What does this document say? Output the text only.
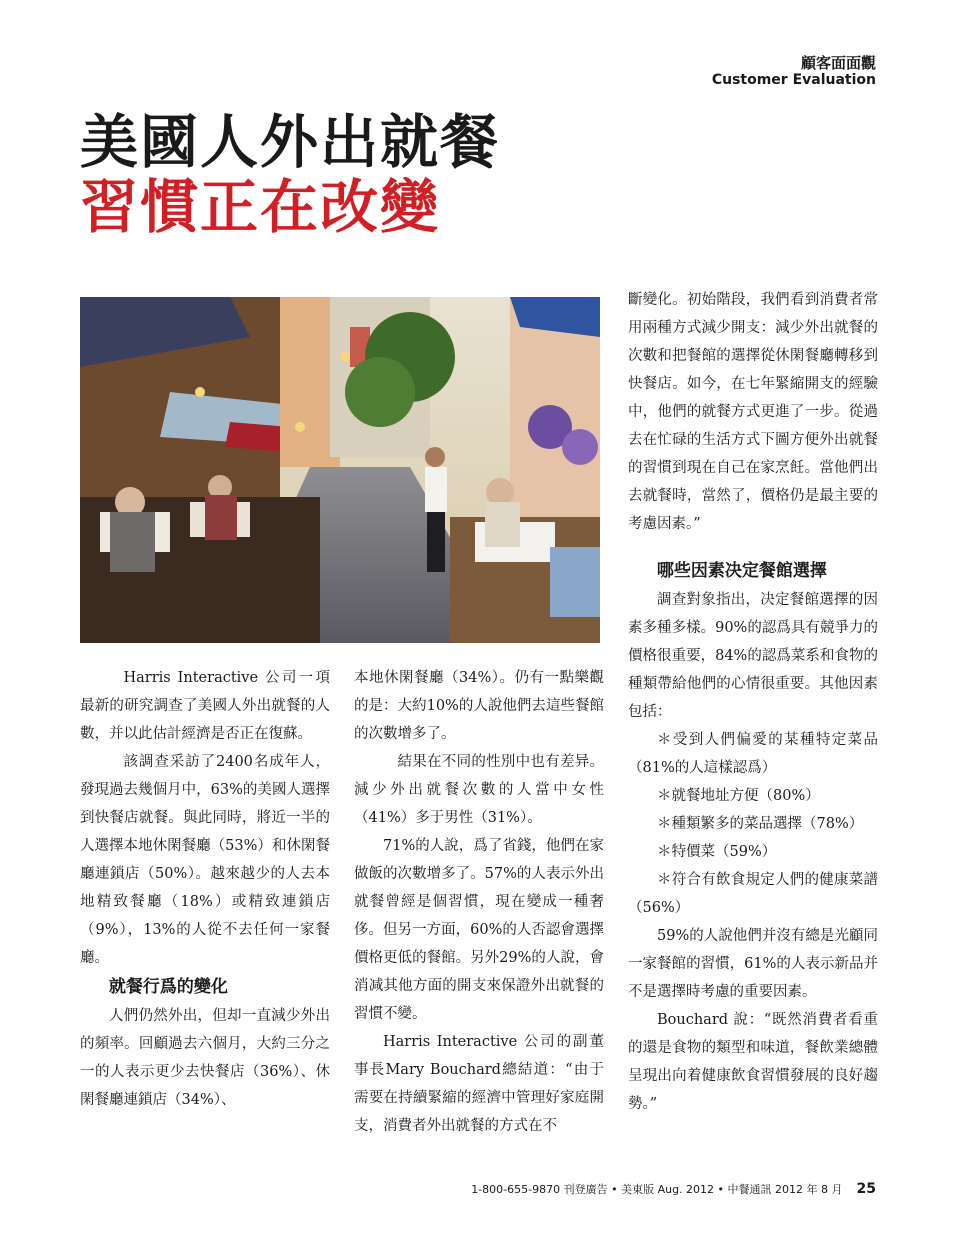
顧客面面觀
Customer Evaluation
美國人外出就餐
習慣正在改變

Harris Interactive 公司一項最新的研究調查了美國人外出就餐的人數，并以此估計經濟是否正在復蘇。

該調查采訪了2400名成年人，發現過去幾個月中，63%的美國人選擇到快餐店就餐。與此同時，將近一半的人選擇本地休閑餐廳（53%）和休閑餐廳連鎖店（50%）。越來越少的人去本地精致餐廳（18%）或精致連鎖店（9%），13%的人從不去任何一家餐廳。

就餐行爲的變化

人們仍然外出，但却一直減少外出的頻率。回顧過去六個月，大約三分之一的人表示更少去快餐店（36%）、休閑餐廳連鎖店（34%）、

本地休閑餐廳（34%）。仍有一點樂觀的是：大約10%的人說他們去這些餐館的次數增多了。

結果在不同的性別中也有差异。減少外出就餐次數的人當中女性（41%）多于男性（31%）。

71%的人說，爲了省錢，他們在家做飯的次數增多了。57%的人表示外出就餐曾經是個習慣，現在變成一種奢侈。但另一方面，60%的人否認會選擇價格更低的餐館。另外29%的人說，會消减其他方面的開支來保證外出就餐的習慣不變。

Harris Interactive 公司的副董事長Mary Bouchard總結道：“由于需要在持續緊縮的經濟中管理好家庭開支，消費者外出就餐的方式在不

斷變化。初始階段，我們看到消費者常用兩種方式減少開支：減少外出就餐的次數和把餐館的選擇從休閑餐廳轉移到快餐店。如今，在七年緊縮開支的經驗中，他們的就餐方式更進了一步。從過去在忙碌的生活方式下圖方便外出就餐的習慣到現在自己在家烹飪。當他們出去就餐時，當然了，價格仍是最主要的考慮因素。”

哪些因素决定餐館選擇

調查對象指出，决定餐館選擇的因素多種多樣。90%的認爲具有競爭力的價格很重要，84%的認爲菜系和食物的種類帶給他們的心情很重要。其他因素包括：

＊受到人們偏愛的某種特定菜品（81%的人這樣認爲）

＊就餐地址方便（80%）

＊種類繁多的菜品選擇（78%）

＊特價菜（59%）

＊符合有飲食規定人們的健康菜譜（56%）

59%的人說他們并沒有總是光顧同一家餐館的習慣，61%的人表示新品并不是選擇時考慮的重要因素。

Bouchard 說：“既然消費者看重的還是食物的類型和味道，餐飲業總體呈現出向着健康飲食習慣發展的良好趨勢。”

1-800-655-9870 刊登廣告 • 美東版 Aug. 2012 • 中餐通訊 2012 年 8 月 25
